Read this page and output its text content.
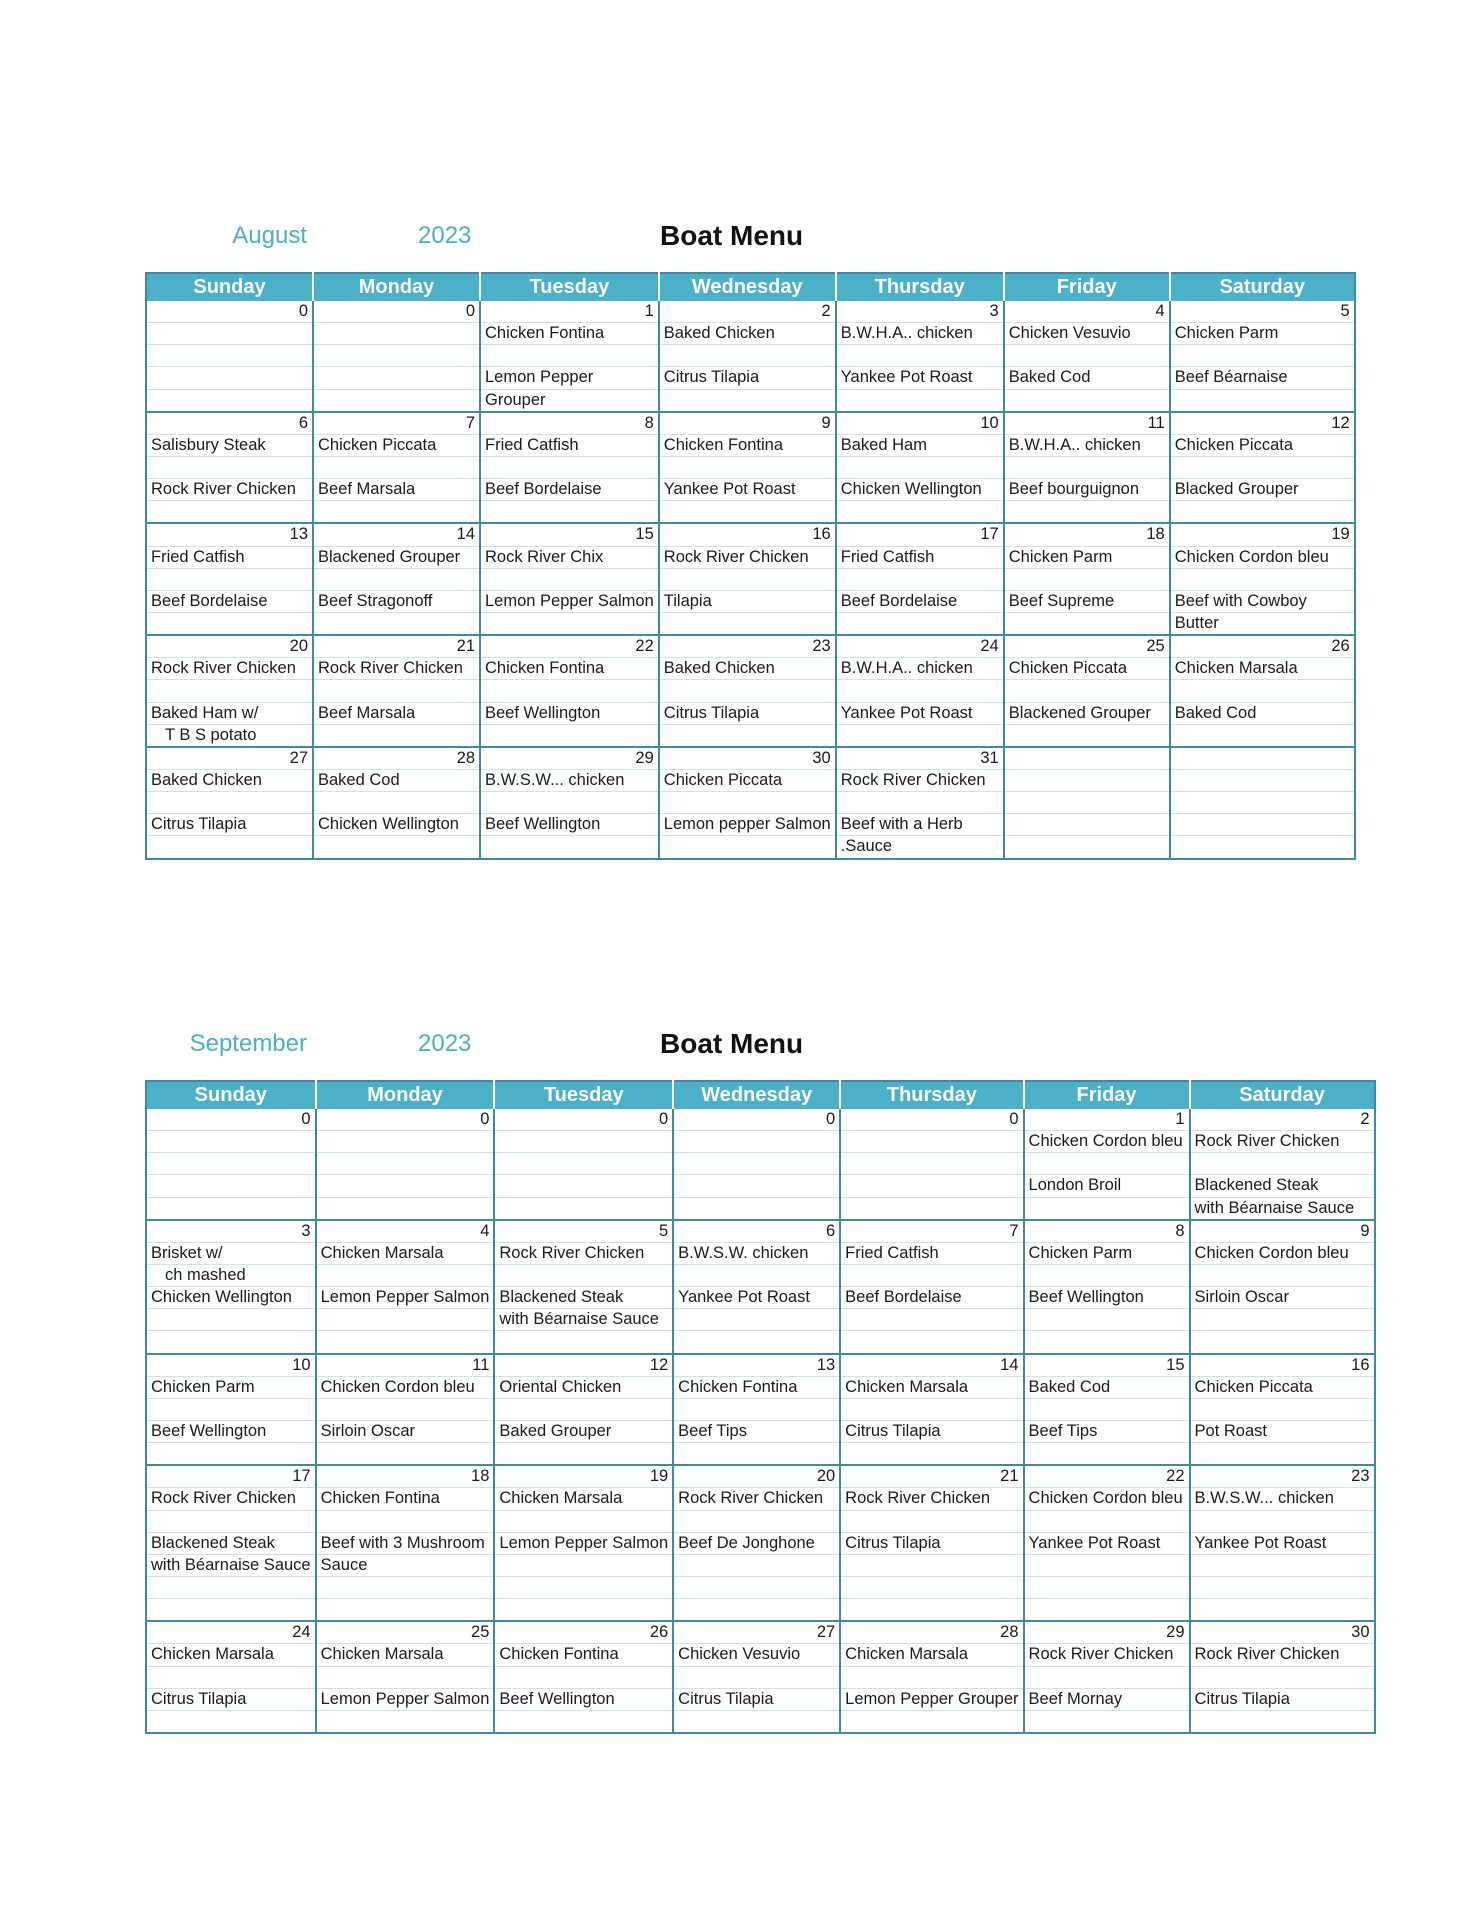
August	2023	Boat Menu
Sunday	Monday	Tuesday	Wednesday	Thursday	Friday	Saturday
0	0	1	2	3	4	5
		Chicken Fontina	Baked Chicken	B.W.H.A.. chicken	Chicken Vesuvio	Chicken Parm

		Lemon Pepper	Citrus Tilapia	Yankee Pot Roast	Baked Cod	Beef Béarnaise
		Grouper				
6	7	8	9	10	11	12
Salisbury Steak	Chicken Piccata	Fried Catfish	Chicken Fontina	Baked Ham	B.W.H.A.. chicken	Chicken Piccata

Rock River Chicken	Beef Marsala	Beef Bordelaise	Yankee Pot Roast	Chicken Wellington	Beef bourguignon	Blacked Grouper

13	14	15	16	17	18	19
Fried Catfish	Blackened Grouper	Rock River Chix	Rock River Chicken	Fried Catfish	Chicken Parm	Chicken Cordon bleu

Beef Bordelaise	Beef Stragonoff	Lemon Pepper Salmon	Tilapia	Beef Bordelaise	Beef Supreme	Beef with Cowboy
						Butter
20	21	22	23	24	25	26
Rock River Chicken	Rock River Chicken	Chicken Fontina	Baked Chicken	B.W.H.A.. chicken	Chicken Piccata	Chicken Marsala

Baked Ham w/	Beef Marsala	Beef Wellington	Citrus Tilapia	Yankee Pot Roast	Blackened Grouper	Baked Cod
T B S potato						
27	28	29	30	31		
Baked Chicken	Baked Cod	B.W.S.W... chicken	Chicken Piccata	Rock River Chicken		

Citrus Tilapia	Chicken Wellington	Beef Wellington	Lemon pepper Salmon	Beef with a Herb		
				.Sauce		
September	2023	Boat Menu
Sunday	Monday	Tuesday	Wednesday	Thursday	Friday	Saturday
0	0	0	0	0	1	2
					Chicken Cordon bleu	Rock River Chicken

					London Broil	Blackened Steak
						with Béarnaise Sauce
3	4	5	6	7	8	9
Brisket w/	Chicken Marsala	Rock River Chicken	B.W.S.W. chicken	Fried Catfish	Chicken Parm	Chicken Cordon bleu
ch mashed						
Chicken Wellington	Lemon Pepper Salmon	Blackened Steak	Yankee Pot Roast	Beef Bordelaise	Beef Wellington	Sirloin Oscar
		with Béarnaise Sauce				

10	11	12	13	14	15	16
Chicken Parm	Chicken Cordon bleu	Oriental Chicken	Chicken Fontina	Chicken Marsala	Baked Cod	Chicken Piccata

Beef Wellington	Sirloin Oscar	Baked Grouper	Beef Tips	Citrus Tilapia	Beef Tips	Pot Roast

17	18	19	20	21	22	23
Rock River Chicken	Chicken Fontina	Chicken Marsala	Rock River Chicken	Rock River Chicken	Chicken Cordon bleu	B.W.S.W... chicken

Blackened Steak	Beef with 3 Mushroom	Lemon Pepper Salmon	Beef De Jonghone	Citrus Tilapia	Yankee Pot Roast	Yankee Pot Roast
with Béarnaise Sauce	Sauce					

24	25	26	27	28	29	30
Chicken Marsala	Chicken Marsala	Chicken Fontina	Chicken Vesuvio	Chicken Marsala	Rock River Chicken	Rock River Chicken

Citrus Tilapia	Lemon Pepper Salmon	Beef Wellington	Citrus Tilapia	Lemon Pepper Grouper	Beef Mornay	Citrus Tilapia
